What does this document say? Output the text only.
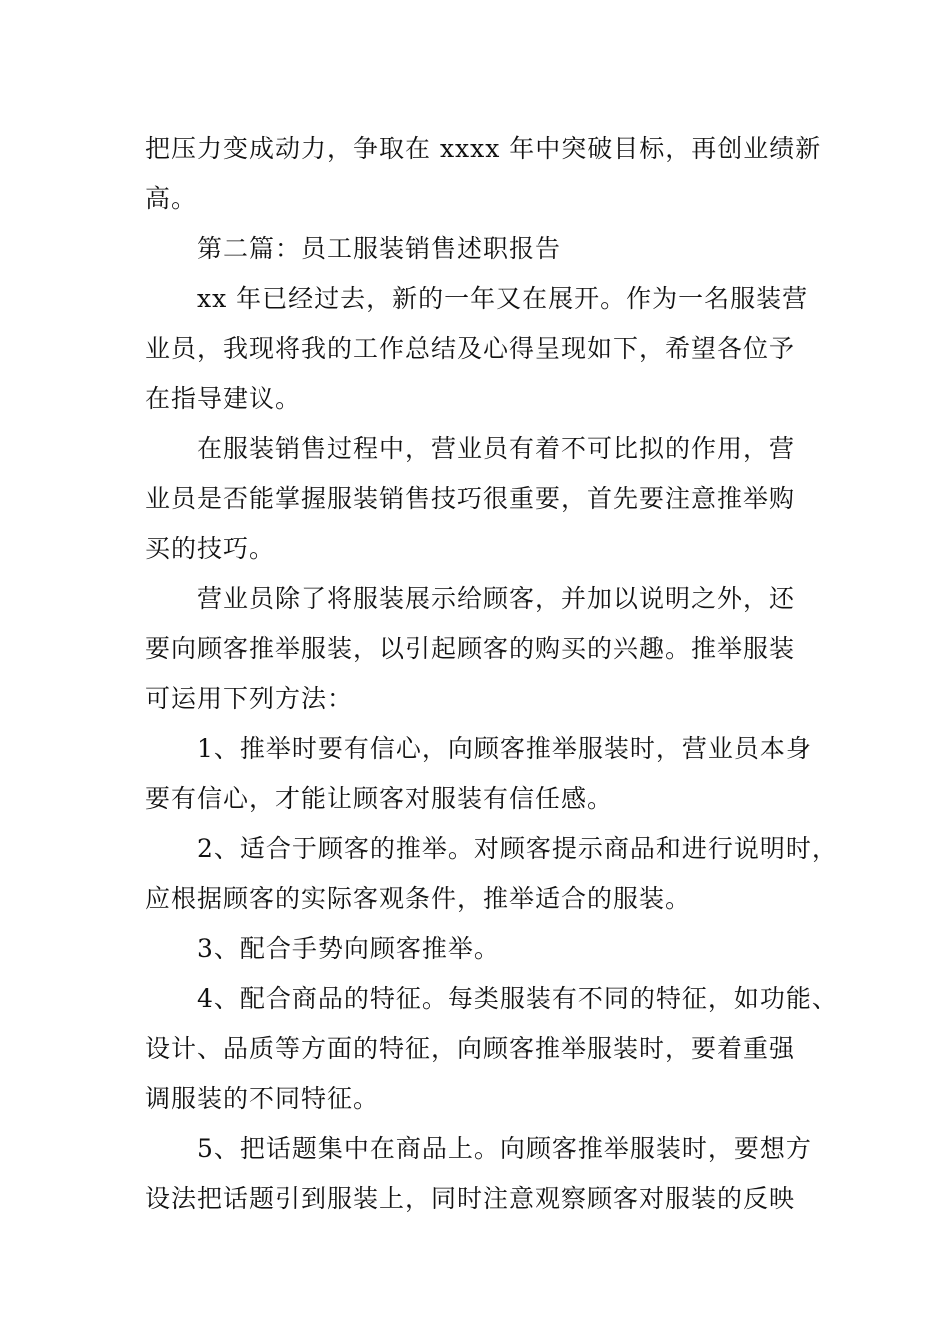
把压力变成动力，争取在 xxxx 年中突破目标，再创业绩新
高。
第二篇：员工服装销售述职报告
xx 年已经过去，新的一年又在展开。作为一名服装营
业员，我现将我的工作总结及心得呈现如下，希望各位予
在指导建议。
在服装销售过程中，营业员有着不可比拟的作用，营
业员是否能掌握服装销售技巧很重要，首先要注意推举购
买的技巧。
营业员除了将服装展示给顾客，并加以说明之外，还
要向顾客推举服装，以引起顾客的购买的兴趣。推举服装
可运用下列方法：
1、推举时要有信心，向顾客推举服装时，营业员本身
要有信心，才能让顾客对服装有信任感。
2、适合于顾客的推举。对顾客提示商品和进行说明时，
应根据顾客的实际客观条件，推举适合的服装。
3、配合手势向顾客推举。
4、配合商品的特征。每类服装有不同的特征，如功能、
设计、品质等方面的特征，向顾客推举服装时，要着重强
调服装的不同特征。
5、把话题集中在商品上。向顾客推举服装时，要想方
设法把话题引到服装上，同时注意观察顾客对服装的反映
